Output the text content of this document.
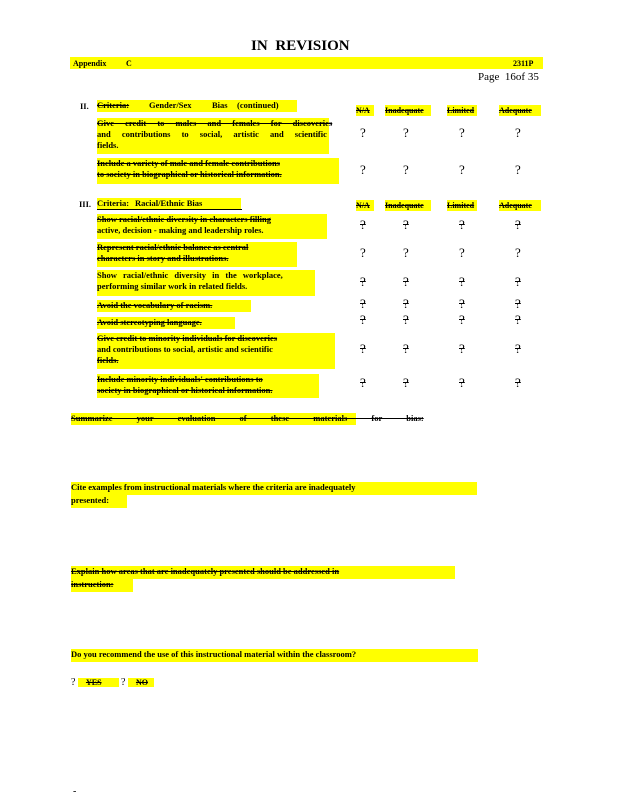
IN REVISION
Appendix C	2311P
Page 16of 35
II. Criteria: Gender/Sex Bias (continued)
N/A	Inadequate	Limited	Adequate
Give credit to males and females for discoveries
and contributions to social, artistic and scientific
fields.
?	?	?	?
Include a variety of male and female contributions
to society in biographical or historical information.	?	?	?	?
III. Criteria: Racial/Ethnic Bias	N/A	Inadequate	Limited	Adequate
Show racial/ethnic diversity in characters filling
active, decision - making and leadership roles.	?	?	?	?
Represent racial/ethnic balance as central
characters in story and illustrations.	?	?	?	?
Show racial/ethnic diversity in the workplace,
performing similar work in related fields.	?	?	?	?
Avoid the vocabulary of racism.	?	?	?	?
Avoid stereotyping language.	?	?	?	?
Give credit to minority individuals for discoveries
and contributions to social, artistic and scientific
fields.
?	?	?	?
Include minority individuals' contributions to
society in biographical or historical information.	?	?	?	?
Summarize your evaluation of these materials for bias:
Cite examples from instructional materials where the criteria are inadequately
presented:
Explain how areas that are inadequately presented should be addressed in
instruction:
Do you recommend the use of this instructional material within the classroom?
? YES ? NO
-
